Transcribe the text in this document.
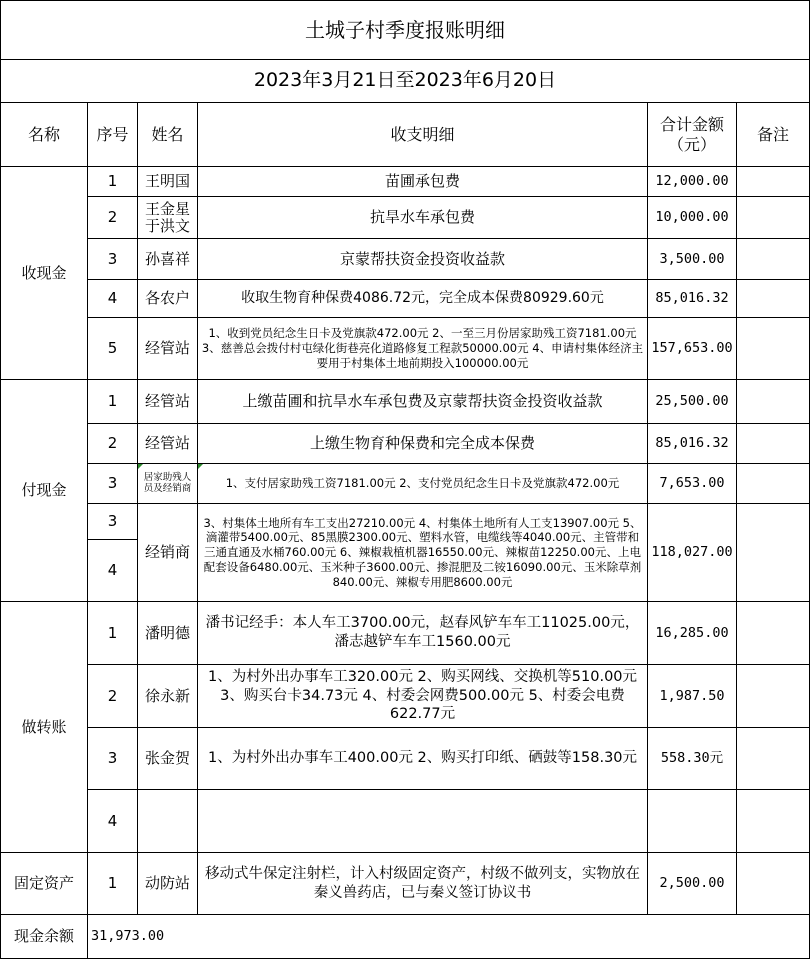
土城子村季度报账明细					
2023年3月21日至2023年6月20日					
名称	序号	姓名	收支明细	合计金额（元）	备注
收现金	1	王明国	苗圃承包费	12,000.00	
	2	王金星于洪文	抗旱水车承包费	10,000.00	
	3	孙喜祥	京蒙帮扶资金投资收益款	3,500.00	
	4	各农户	收取生物育种保费4086.72元，完全成本保费80929.60元	85,016.32	
	5	经管站	1、收到党员纪念生日卡及党旗款472.00元 2、一至三月份居家助残工资7181.00元 3、慈善总会拨付村屯绿化街巷亮化道路修复工程款50000.00元 4、申请村集体经济主要用于村集体土地前期投入100000.00元	157,653.00	
付现金	1	经管站	上缴苗圃和抗旱水车承包费及京蒙帮扶资金投资收益款	25,500.00	
	2	经管站	上缴生物育种保费和完全成本保费	85,016.32	
	3	居家助残人员及经销商	1、支付居家助残工资7181.00元 2、支付党员纪念生日卡及党旗款472.00元	7,653.00	
	3	经销商	3、村集体土地所有车工支出27210.00元 4、村集体土地所有人工支13907.00元 5、滴灌带5400.00元、85黑膜2300.00元、塑料水管，电缆线等4040.00元、主管带和三通直通及水桶760.00元 6、辣椒栽植机器16550.00元、辣椒苗12250.00元、上电配套设备6480.00元、玉米种子3600.00元、掺混肥及二铵16090.00元、玉米除草剂840.00元、辣椒专用肥8600.00元	118,027.00	
	4				
做转账	1	潘明德	潘书记经手：本人车工3700.00元，赵春风铲车车工11025.00元，潘志越铲车车工1560.00元	16,285.00	
	2	徐永新	1、为村外出办事车工320.00元 2、购买网线、交换机等510.00元 3、购买台卡34.73元 4、村委会网费500.00元 5、村委会电费622.77元	1,987.50	
	3	张金贺	1、为村外出办事车工400.00元 2、购买打印纸、硒鼓等158.30元	558.30元	
	4				
固定资产	1	动防站	移动式牛保定注射栏，计入村级固定资产，村级不做列支，实物放在秦义兽药店，已与秦义签订协议书	2,500.00	
现金余额	31,973.00				
